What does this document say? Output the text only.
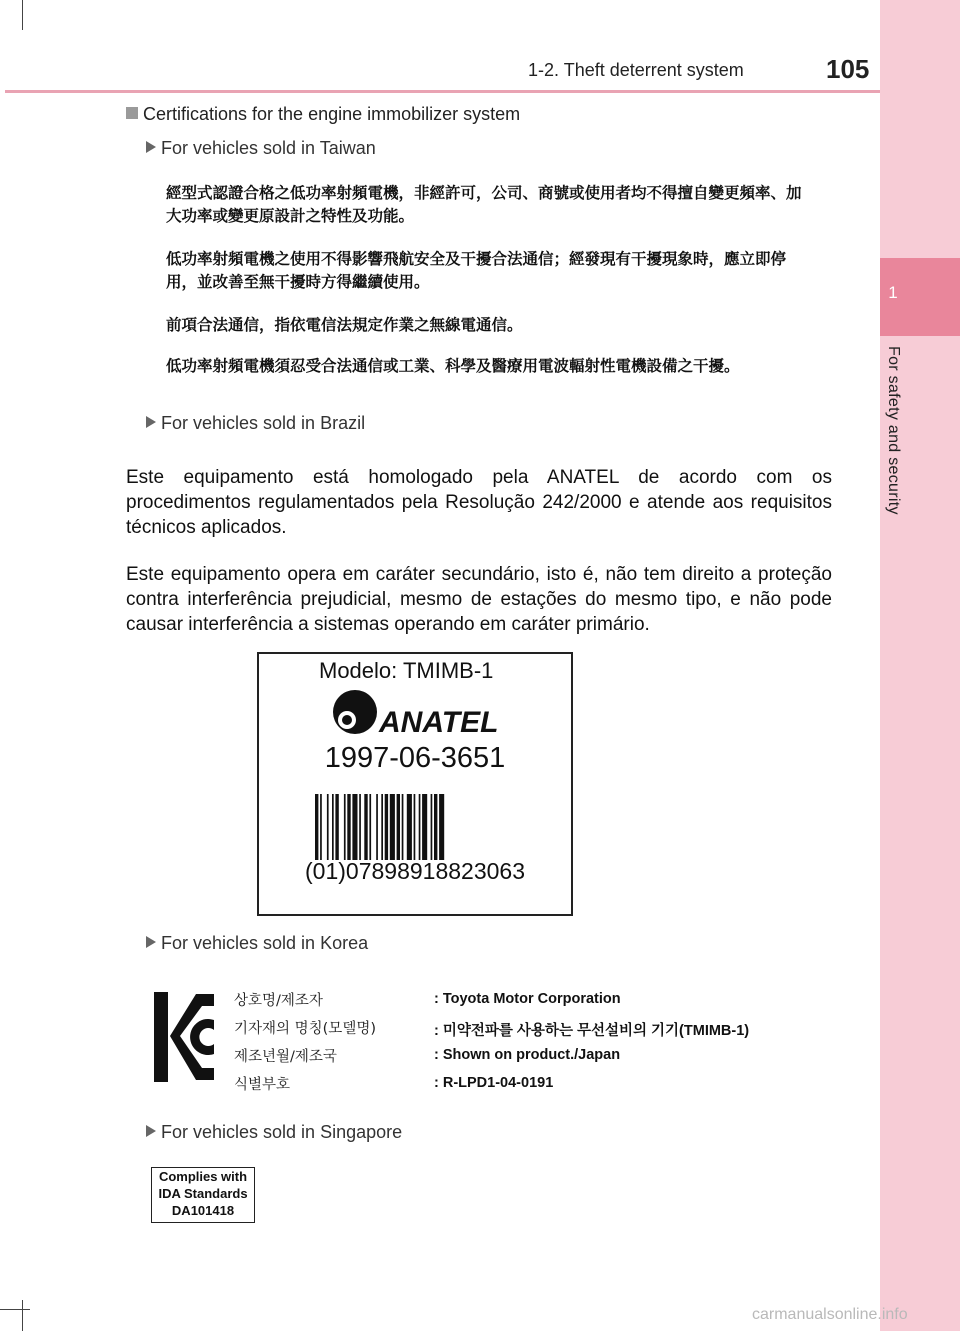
1
For safety and security
1-2. Theft deterrent system	105
Certifications for the engine immobilizer system
For vehicles sold in Taiwan
經型式認證合格之低功率射頻電機，非經許可，公司、商號或使用者均不得擅自變更頻率、加大功率或變更原設計之特性及功能。
低功率射頻電機之使用不得影響飛航安全及干擾合法通信；經發現有干擾現象時，應立即停用，並改善至無干擾時方得繼續使用。
前項合法通信，指依電信法規定作業之無線電通信。
低功率射頻電機須忍受合法通信或工業、科學及醫療用電波輻射性電機設備之干擾。
For vehicles sold in Brazil
Este equipamento está homologado pela ANATEL de acordo com os procedimentos regulamentados pela Resolução 242/2000 e atende aos requisitos técnicos aplicados.
Este equipamento opera em caráter secundário, isto é, não tem direito a proteção contra interferência prejudicial, mesmo de estações do mesmo tipo, e não pode causar interferência a sistemas operando em caráter primário.
Modelo: TMIMB-1
ANATEL
1997-06-3651
(01)07898918823063
For vehicles sold in Korea
상호명/제조자	: Toyota Motor Corporation
기자재의 명칭(모델명)	: 미약전파를 사용하는 무선설비의 기기(TMIMB-1)
제조년월/제조국	: Shown on product./Japan
식별부호	: R-LPD1-04-0191
For vehicles sold in Singapore
Complies with
IDA Standards
DA101418
carmanualsonline.info
